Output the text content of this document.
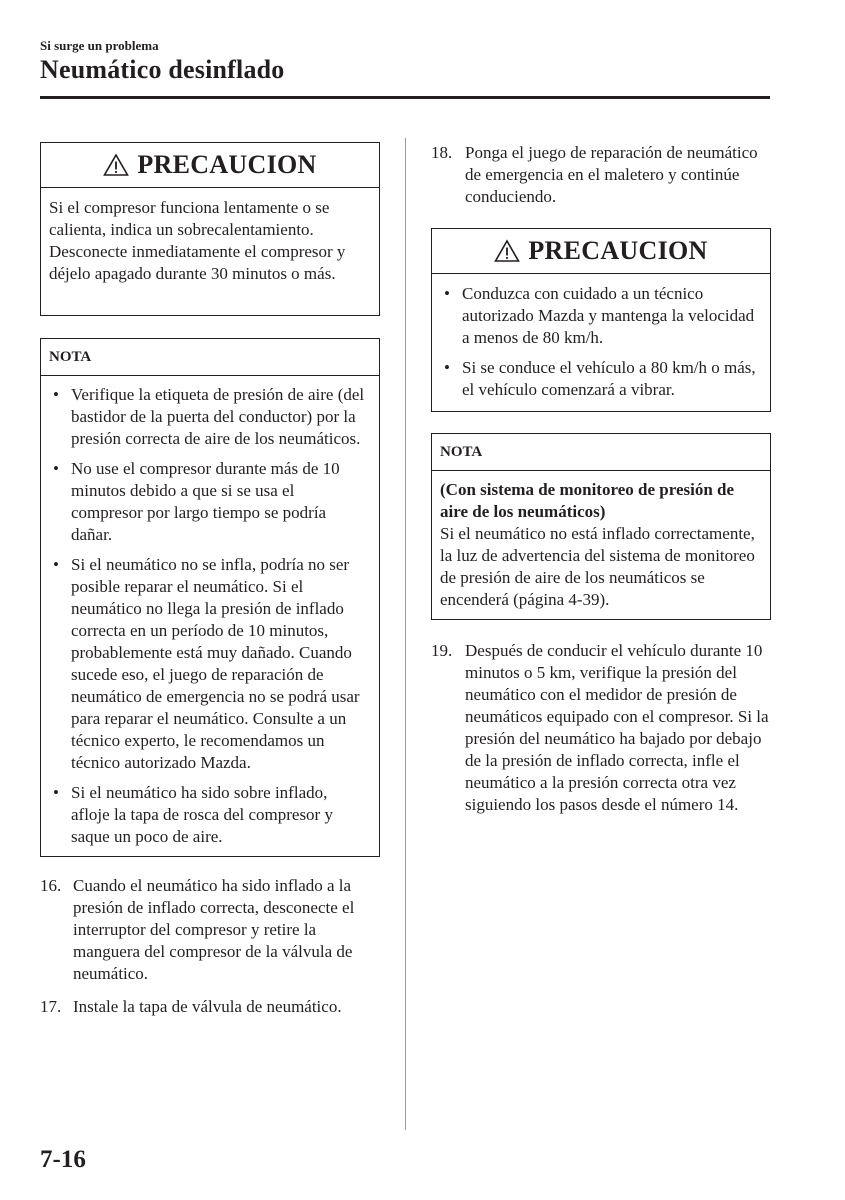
Si surge un problema
Neumático desinflado
PRECAUCION
Si el compresor funciona lentamente o se calienta, indica un sobrecalentamiento. Desconecte inmediatamente el compresor y déjelo apagado durante 30 minutos o más.
NOTA
• Verifique la etiqueta de presión de aire (del bastidor de la puerta del conductor) por la presión correcta de aire de los neumáticos.
• No use el compresor durante más de 10 minutos debido a que si se usa el compresor por largo tiempo se podría dañar.
• Si el neumático no se infla, podría no ser posible reparar el neumático. Si el neumático no llega la presión de inflado correcta en un período de 10 minutos, probablemente está muy dañado. Cuando sucede eso, el juego de reparación de neumático de emergencia no se podrá usar para reparar el neumático. Consulte a un técnico experto, le recomendamos un técnico autorizado Mazda.
• Si el neumático ha sido sobre inflado, afloje la tapa de rosca del compresor y saque un poco de aire.
16. Cuando el neumático ha sido inflado a la presión de inflado correcta, desconecte el interruptor del compresor y retire la manguera del compresor de la válvula de neumático.
17. Instale la tapa de válvula de neumático.
18. Ponga el juego de reparación de neumático de emergencia en el maletero y continúe conduciendo.
PRECAUCION
• Conduzca con cuidado a un técnico autorizado Mazda y mantenga la velocidad a menos de 80 km/h.
• Si se conduce el vehículo a 80 km/h o más, el vehículo comenzará a vibrar.
NOTA
(Con sistema de monitoreo de presión de aire de los neumáticos)
Si el neumático no está inflado correctamente, la luz de advertencia del sistema de monitoreo de presión de aire de los neumáticos se encenderá (página 4-39).
19. Después de conducir el vehículo durante 10 minutos o 5 km, verifique la presión del neumático con el medidor de presión de neumáticos equipado con el compresor. Si la presión del neumático ha bajado por debajo de la presión de inflado correcta, infle el neumático a la presión correcta otra vez siguiendo los pasos desde el número 14.
7-16
